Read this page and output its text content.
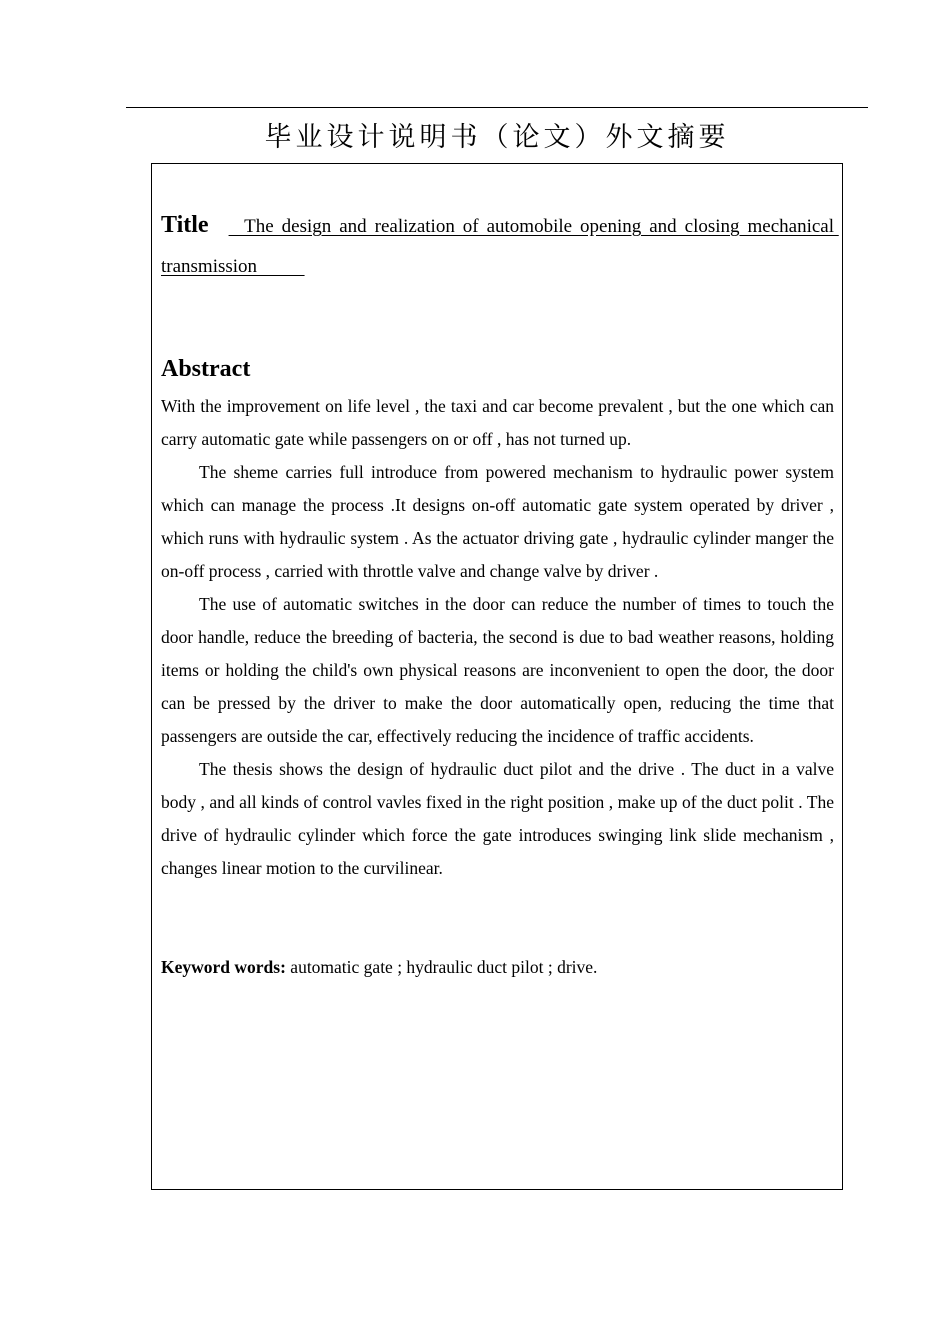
毕业设计说明书（论文）外文摘要
Title  The design and realization of automobile opening and closing mechanical transmission
Abstract

With the improvement on life level , the taxi and car become prevalent , but the one which can carry automatic gate while passengers on or off , has not turned up.

The sheme carries full introduce from powered mechanism to hydraulic power system which can manage the process .It designs on-off automatic gate system operated by driver , which runs with hydraulic system . As the actuator driving gate , hydraulic cylinder manger the on-off process , carried with throttle valve and change valve by driver .

The use of automatic switches in the door can reduce the number of times to touch the door handle, reduce the breeding of bacteria, the second is due to bad weather reasons, holding items or holding the child's own physical reasons are inconvenient to open the door, the door can be pressed by the driver to make the door automatically open, reducing the time that passengers are outside the car, effectively reducing the incidence of traffic accidents.

The thesis shows the design of hydraulic duct pilot and the drive . The duct in a valve body , and all kinds of control vavles fixed in the right position , make up of the duct polit . The drive of hydraulic cylinder which force the gate introduces swinging link slide mechanism , changes linear motion to the curvilinear.

Keyword words: automatic gate ; hydraulic duct pilot ; drive.
